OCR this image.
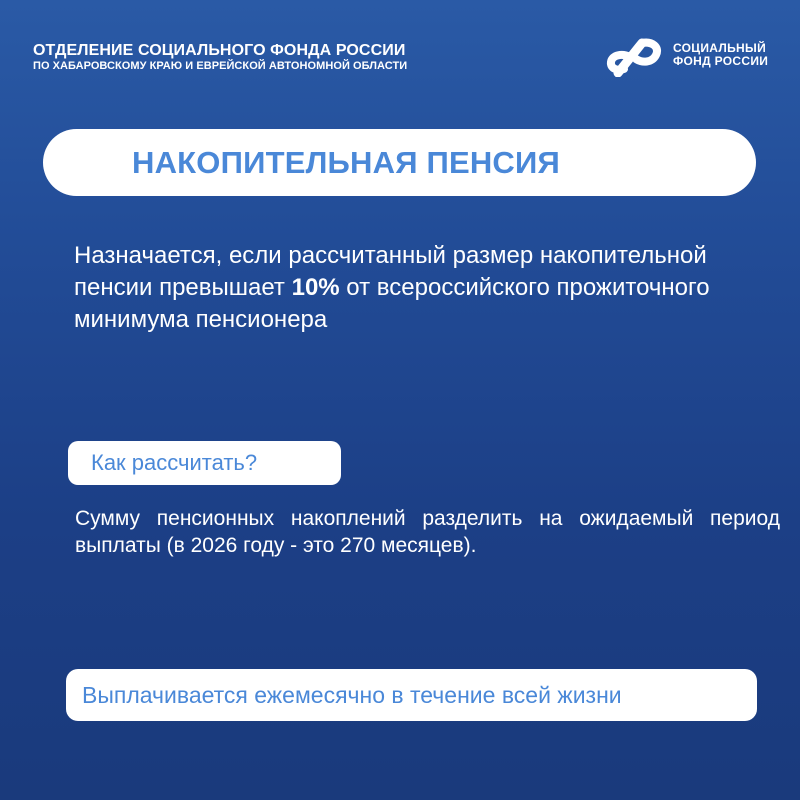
ОТДЕЛЕНИЕ СОЦИАЛЬНОГО ФОНДА РОССИИ
ПО ХАБАРОВСКОМУ КРАЮ И ЕВРЕЙСКОЙ АВТОНОМНОЙ ОБЛАСТИ
СОЦИАЛЬНЫЙ
ФОНД РОССИИ
НАКОПИТЕЛЬНАЯ ПЕНСИЯ
Назначается, если рассчитанный размер накопительной пенсии превышает 10% от всероссийского прожиточного минимума пенсионера
Как рассчитать?
Сумму пенсионных накоплений разделить на ожидаемый период выплаты (в 2026 году - это 270 месяцев).
Выплачивается ежемесячно в течение всей жизни
